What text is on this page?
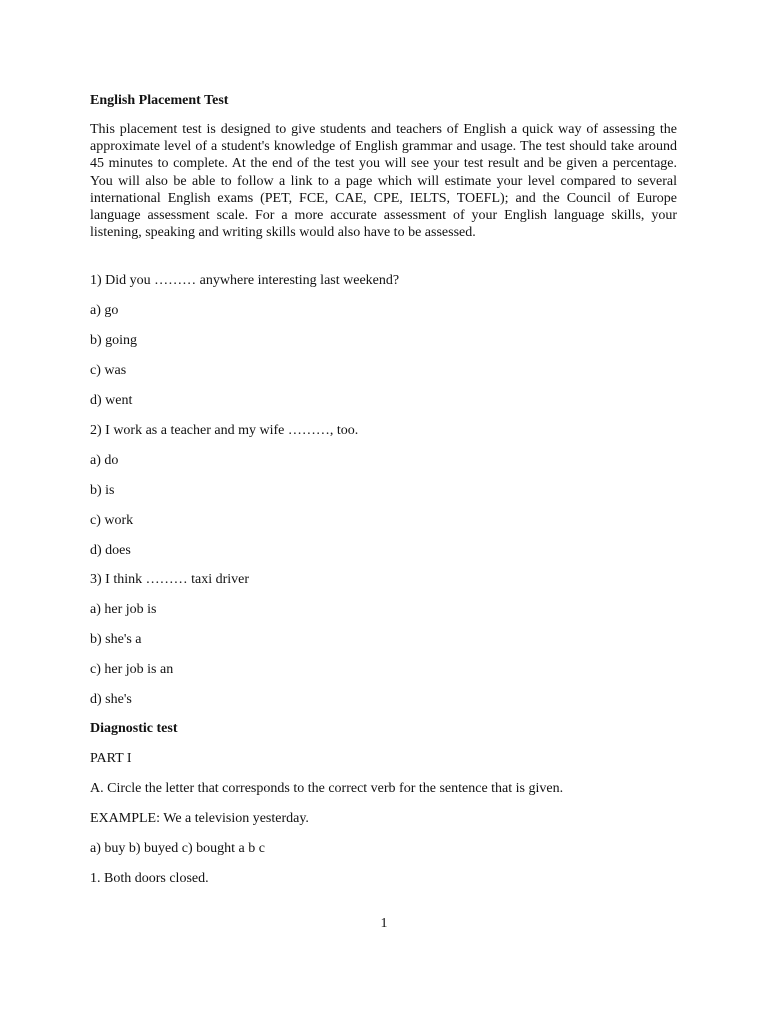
English Placement Test
This placement test is designed to give students and teachers of English a quick way of assessing the approximate level of a student's knowledge of English grammar and usage. The test should take around 45 minutes to complete. At the end of the test you will see your test result and be given a percentage. You will also be able to follow a link to a page which will estimate your level compared to several international English exams (PET, FCE, CAE, CPE, IELTS, TOEFL); and the Council of Europe language assessment scale. For a more accurate assessment of your English language skills, your listening, speaking and writing skills would also have to be assessed.
1) Did you ……… anywhere interesting last weekend?
a) go
b) going
c) was
d) went
2) I work as a teacher and my wife ………, too.
a) do
b) is
c) work
d) does
3) I think ……… taxi driver
a) her job is
b) she's a
c) her job is an
d) she's
Diagnostic test
PART I
A. Circle the letter that corresponds to the correct verb for the sentence that is given.
EXAMPLE: We a television yesterday.
a) buy b) buyed c) bought a b c
1. Both doors closed.
1
